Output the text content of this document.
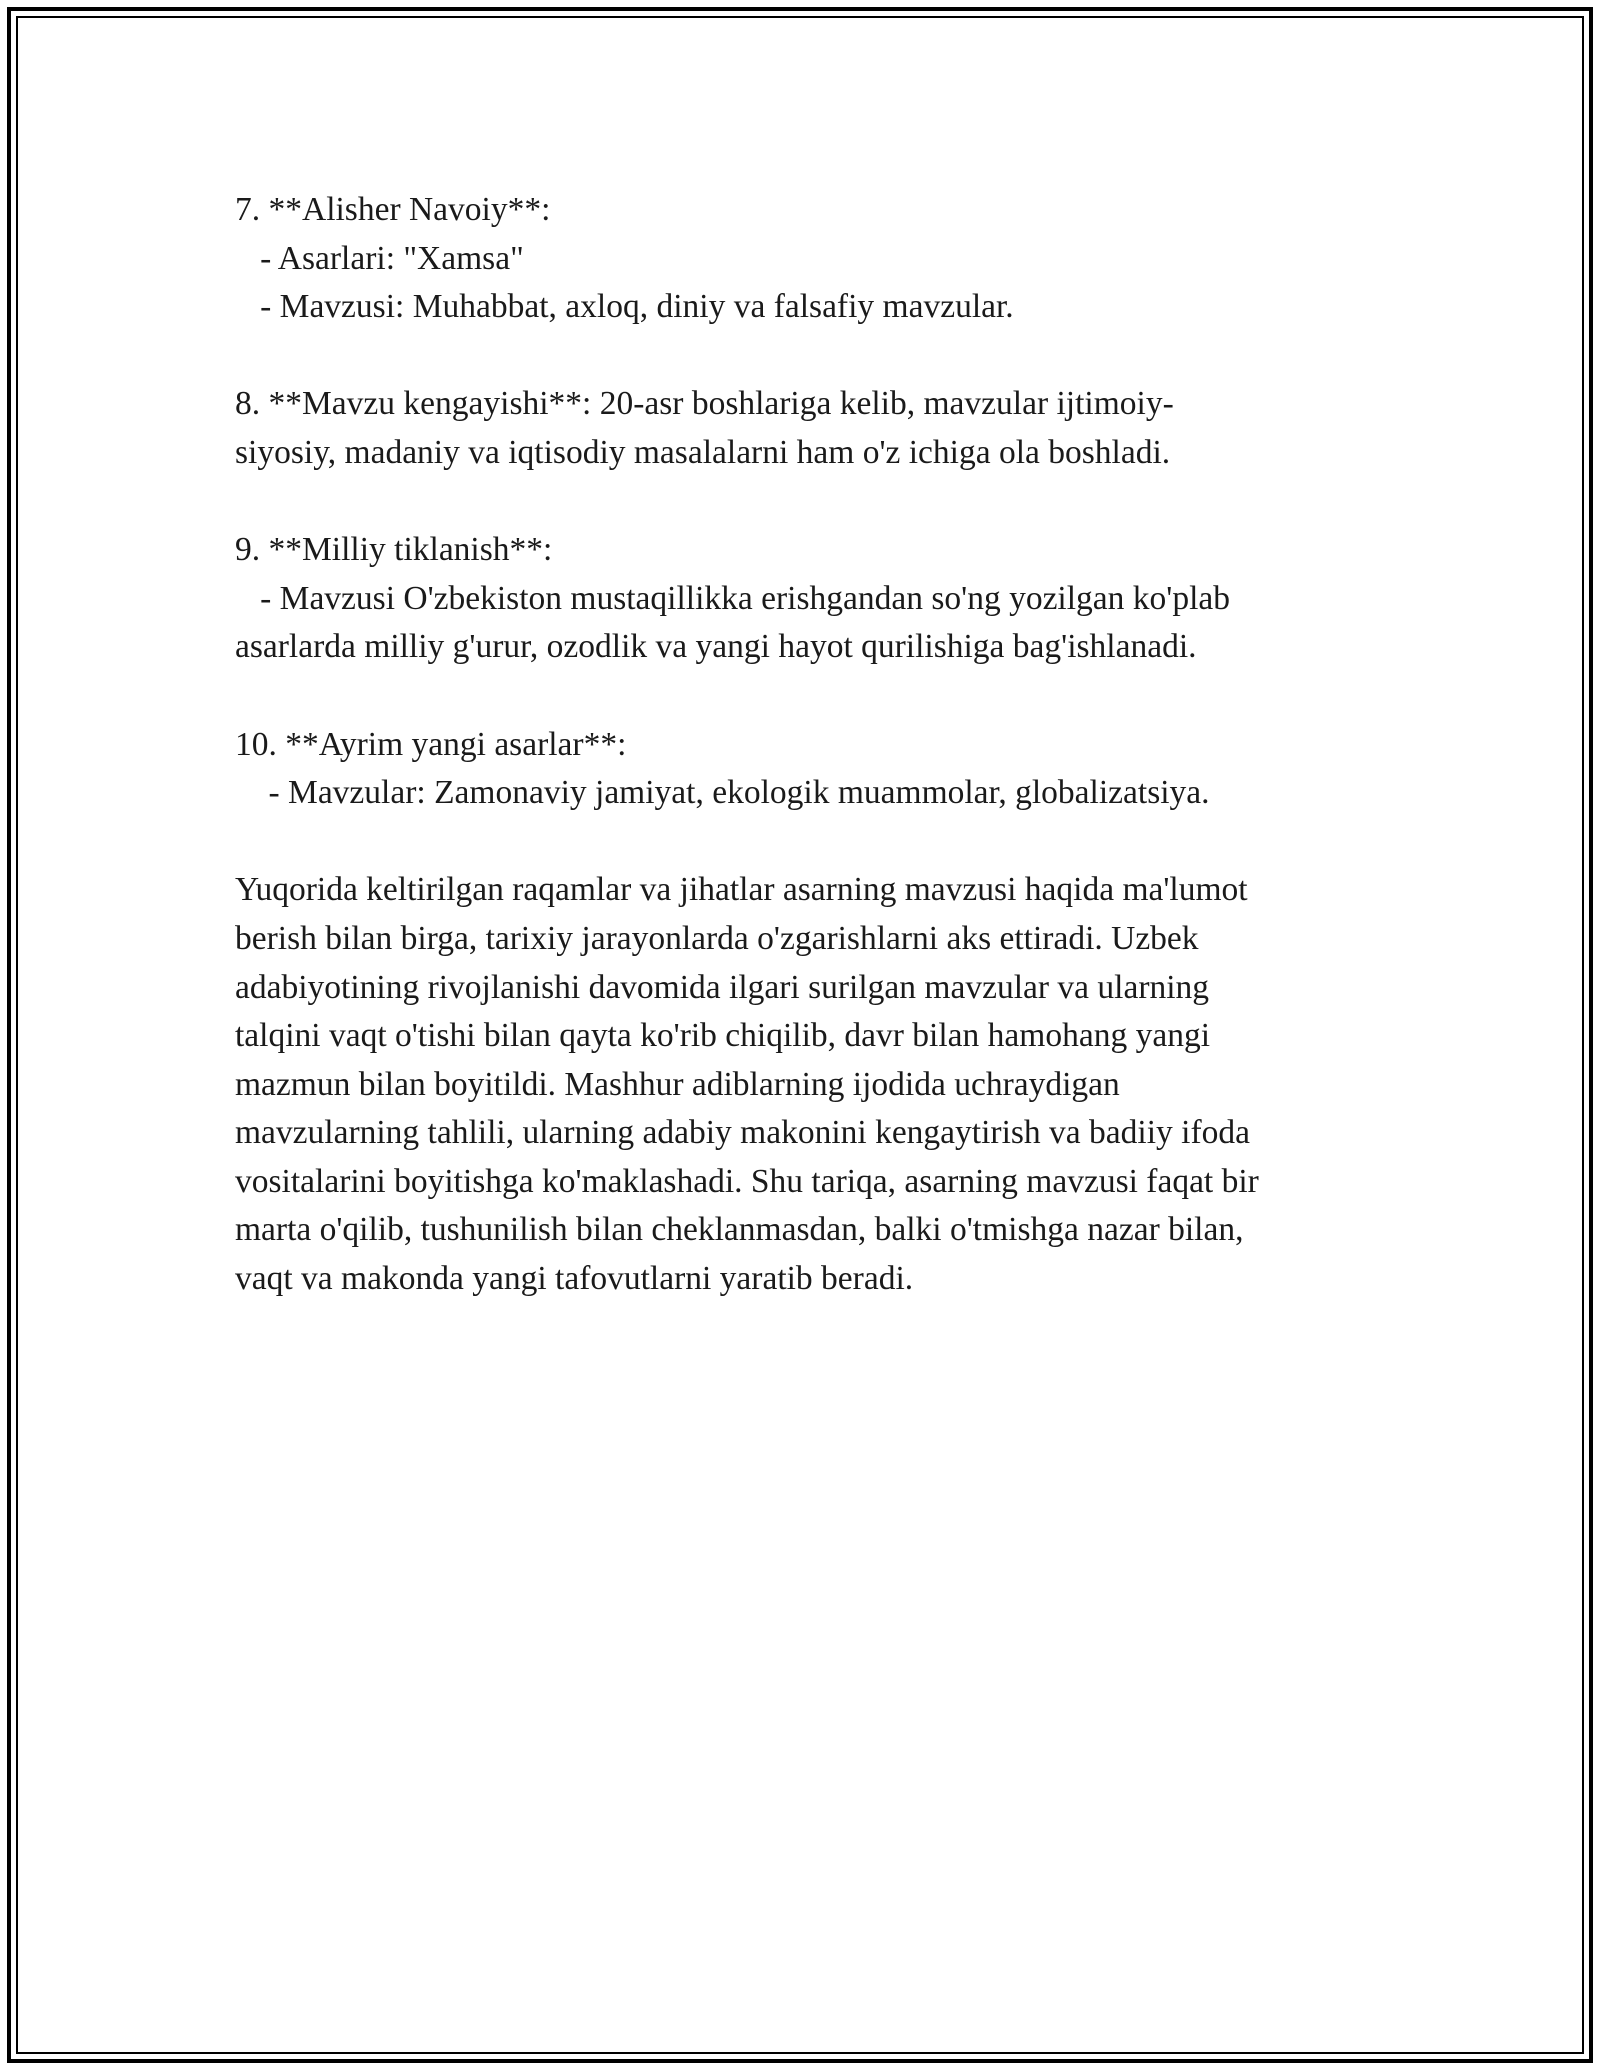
7. **Alisher Navoiy**:
- Asarlari: "Xamsa"
- Mavzusi: Muhabbat, axloq, diniy va falsafiy mavzular.
8. **Mavzu kengayishi**: 20-asr boshlariga kelib, mavzular ijtimoiy-
siyosiy, madaniy va iqtisodiy masalalarni ham o'z ichiga ola boshladi.
9. **Milliy tiklanish**:
- Mavzusi O'zbekiston mustaqillikka erishgandan so'ng yozilgan ko'plab
asarlarda milliy g'urur, ozodlik va yangi hayot qurilishiga bag'ishlanadi.
10. **Ayrim yangi asarlar**:
- Mavzular: Zamonaviy jamiyat, ekologik muammolar, globalizatsiya.
Yuqorida keltirilgan raqamlar va jihatlar asarning mavzusi haqida ma'lumot
berish bilan birga, tarixiy jarayonlarda o'zgarishlarni aks ettiradi. Uzbek
adabiyotining rivojlanishi davomida ilgari surilgan mavzular va ularning
talqini vaqt o'tishi bilan qayta ko'rib chiqilib, davr bilan hamohang yangi
mazmun bilan boyitildi. Mashhur adiblarning ijodida uchraydigan
mavzularning tahlili, ularning adabiy makonini kengaytirish va badiiy ifoda
vositalarini boyitishga ko'maklashadi. Shu tariqa, asarning mavzusi faqat bir
marta o'qilib, tushunilish bilan cheklanmasdan, balki o'tmishga nazar bilan,
vaqt va makonda yangi tafovutlarni yaratib beradi.
